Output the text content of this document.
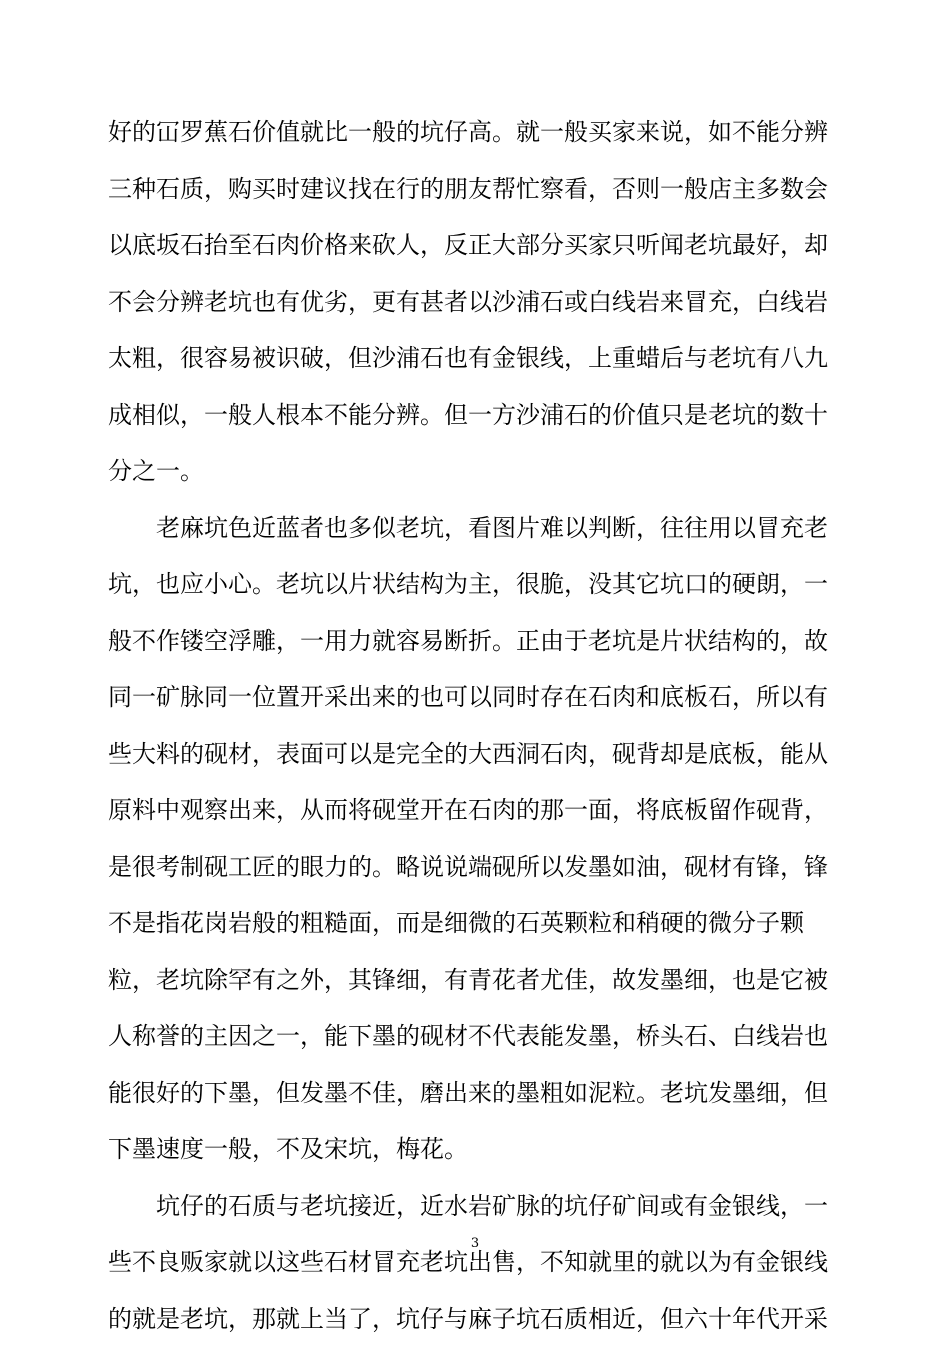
好的冚罗蕉石价值就比一般的坑仔高。就一般买家来说，如不能分辨
三种石质，购买时建议找在行的朋友帮忙察看，否则一般店主多数会
以底坂石抬至石肉价格来砍人，反正大部分买家只听闻老坑最好，却
不会分辨老坑也有优劣，更有甚者以沙浦石或白线岩来冒充，白线岩
太粗，很容易被识破，但沙浦石也有金银线，上重蜡后与老坑有八九
成相似，一般人根本不能分辨。但一方沙浦石的价值只是老坑的数十
分之一。
老麻坑色近蓝者也多似老坑，看图片难以判断，往往用以冒充老
坑，也应小心。老坑以片状结构为主，很脆，没其它坑口的硬朗，一
般不作镂空浮雕，一用力就容易断折。正由于老坑是片状结构的，故
同一矿脉同一位置开采出来的也可以同时存在石肉和底板石，所以有
些大料的砚材，表面可以是完全的大西洞石肉，砚背却是底板，能从
原料中观察出来，从而将砚堂开在石肉的那一面，将底板留作砚背，
是很考制砚工匠的眼力的。略说说端砚所以发墨如油，砚材有锋，锋
不是指花岗岩般的粗糙面，而是细微的石英颗粒和稍硬的微分子颗
粒，老坑除罕有之外，其锋细，有青花者尤佳，故发墨细，也是它被
人称誉的主因之一，能下墨的砚材不代表能发墨，桥头石、白线岩也
能很好的下墨，但发墨不佳，磨出来的墨粗如泥粒。老坑发墨细，但
下墨速度一般，不及宋坑，梅花。
坑仔的石质与老坑接近，近水岩矿脉的坑仔矿间或有金银线，一
些不良贩家就以这些石材冒充老坑出售，不知就里的就以为有金银线
的就是老坑，那就上当了，坑仔与麻子坑石质相近，但六十年代开采
3
